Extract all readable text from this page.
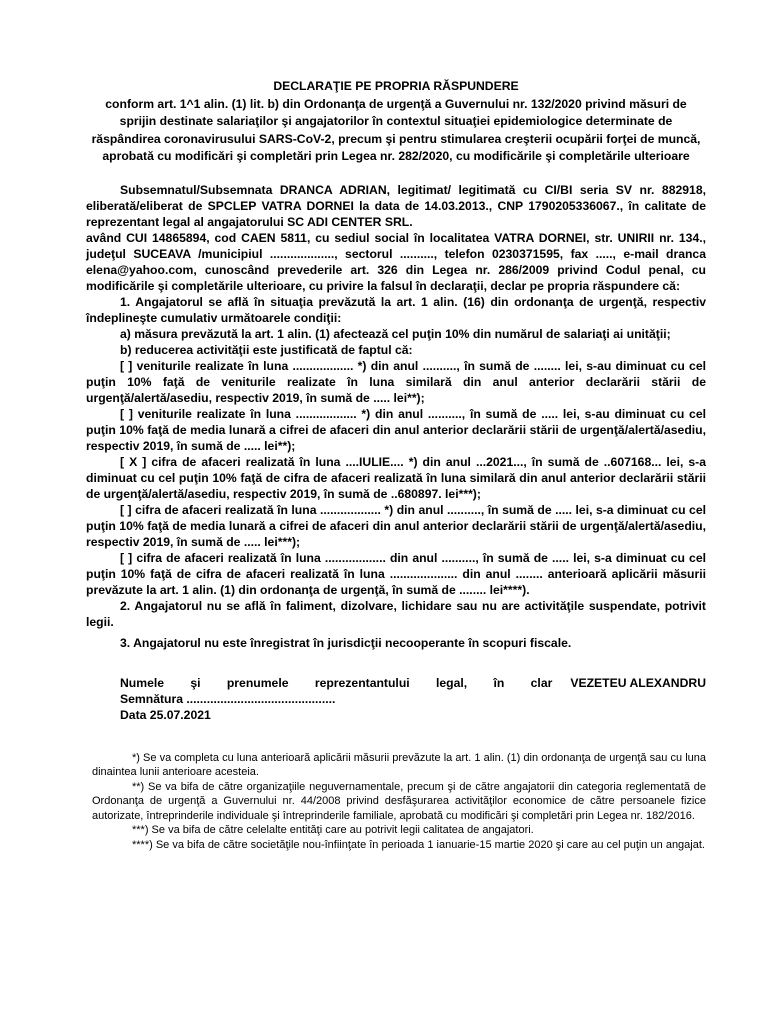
DECLARAŢIE PE PROPRIA RĂSPUNDERE
conform art. 1^1 alin. (1) lit. b) din Ordonanţa de urgenţă a Guvernului nr. 132/2020 privind măsuri de sprijin destinate salariaţilor şi angajatorilor în contextul situaţiei epidemiologice determinate de răspândirea coronavirusului SARS-CoV-2, precum şi pentru stimularea creşterii ocupării forţei de muncă, aprobată cu modificări şi completări prin Legea nr. 282/2020, cu modificările şi completările ulterioare

Subsemnatul/Subsemnata DRANCA ADRIAN, legitimat/ legitimată cu CI/BI seria SV nr. 882918, eliberată/eliberat de SPCLEP VATRA DORNEI la data de 14.03.2013., CNP 1790205336067., în calitate de reprezentant legal al angajatorului SC ADI CENTER SRL.

având CUI 14865894, cod CAEN 5811, cu sediul social în localitatea VATRA DORNEI, str. UNIRII nr. 134., judeţul SUCEAVA /municipiul ..................., sectorul .........., telefon 0230371595, fax ....., e-mail dranca elena@yahoo.com, cunoscând prevederile art. 326 din Legea nr. 286/2009 privind Codul penal, cu modificările şi completările ulterioare, cu privire la falsul în declaraţii, declar pe propria răspundere că:

1. Angajatorul se află în situaţia prevăzută la art. 1 alin. (16) din ordonanţa de urgenţă, respectiv îndeplineşte cumulativ următoarele condiţii:

a) măsura prevăzută la art. 1 alin. (1) afectează cel puţin 10% din numărul de salariaţi ai unităţii;

b) reducerea activităţii este justificată de faptul că:

[ ] veniturile realizate în luna .................. *) din anul .........., în sumă de ........ lei, s-au diminuat cu cel puţin 10% faţă de veniturile realizate în luna similară din anul anterior declarării stării de urgenţă/alertă/asediu, respectiv 2019, în sumă de ..... lei**);

[ ] veniturile realizate în luna .................. *) din anul .........., în sumă de ..... lei, s-au diminuat cu cel puţin 10% faţă de media lunară a cifrei de afaceri din anul anterior declarării stării de urgenţă/alertă/asediu, respectiv 2019, în sumă de ..... lei**);

[ X ] cifra de afaceri realizată în luna ....IULIE.... *) din anul ...2021..., în sumă de ..607168... lei, s-a diminuat cu cel puţin 10% faţă de cifra de afaceri realizată în luna similară din anul anterior declarării stării de urgenţă/alertă/asediu, respectiv 2019, în sumă de ..680897. lei***);

[ ] cifra de afaceri realizată în luna .................. *) din anul .........., în sumă de ..... lei, s-a diminuat cu cel puţin 10% faţă de media lunară a cifrei de afaceri din anul anterior declarării stării de urgenţă/alertă/asediu, respectiv 2019, în sumă de ..... lei***);

[ ] cifra de afaceri realizată în luna .................. din anul .........., în sumă de ..... lei, s-a diminuat cu cel puţin 10% faţă de cifra de afaceri realizată în luna .................... din anul ........ anterioară aplicării măsurii prevăzute la art. 1 alin. (1) din ordonanţa de urgenţă, în sumă de ........ lei****).

2. Angajatorul nu se află în faliment, dizolvare, lichidare sau nu are activităţile suspendate, potrivit legii.

3. Angajatorul nu este înregistrat în jurisdicţii necooperante în scopuri fiscale.

Numele şi prenumele reprezentantului legal, în clar VEZETEU ALEXANDRU
Semnătura ............................................
Data 25.07.2021

*) Se va completa cu luna anterioară aplicării măsurii prevăzute la art. 1 alin. (1) din ordonanţa de urgenţă sau cu luna dinaintea lunii anterioare acesteia.

**) Se va bifa de către organizaţiile neguvernamentale, precum şi de către angajatorii din categoria reglementată de Ordonanţa de urgenţă a Guvernului nr. 44/2008 privind desfăşurarea activităţilor economice de către persoanele fizice autorizate, întreprinderile individuale şi întreprinderile familiale, aprobată cu modificări şi completări prin Legea nr. 182/2016.

***) Se va bifa de către celelalte entităţi care au potrivit legii calitatea de angajatori.

****) Se va bifa de către societăţile nou-înfiinţate în perioada 1 ianuarie-15 martie 2020 şi care au cel puţin un angajat.
